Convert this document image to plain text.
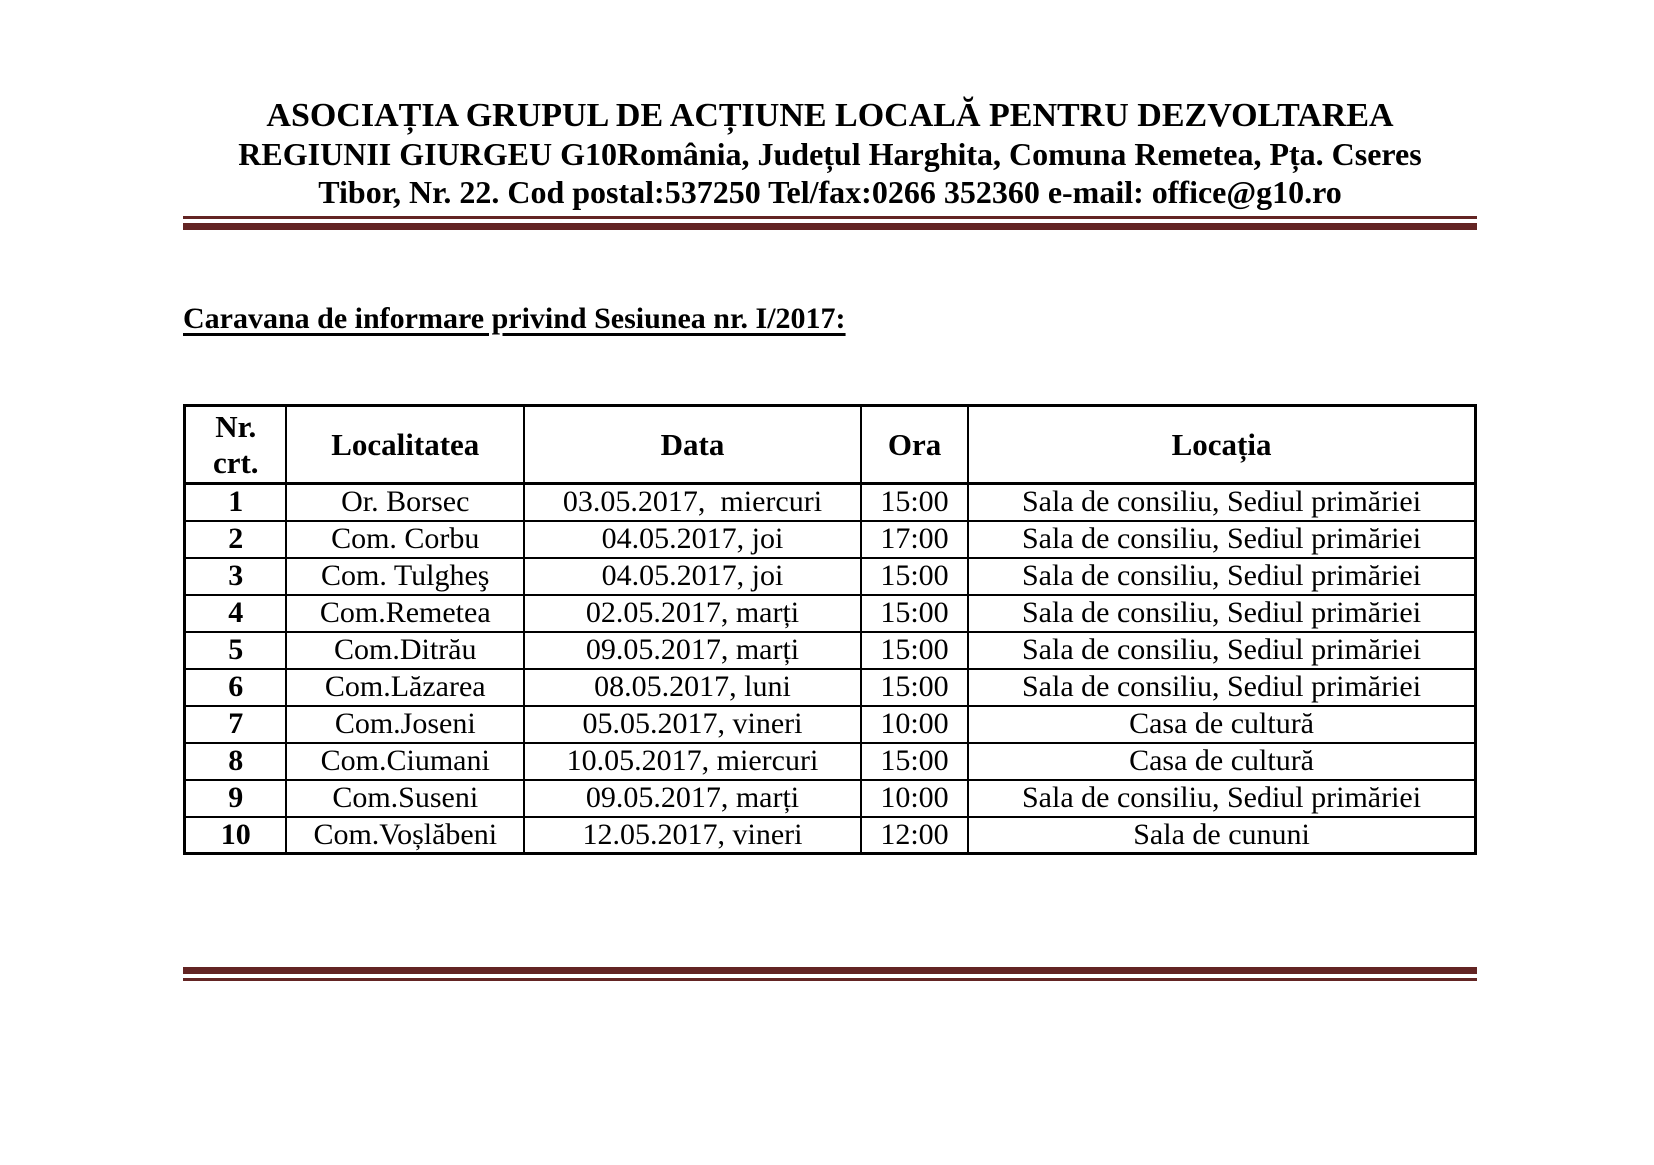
ASOCIAȚIA GRUPUL DE ACȚIUNE LOCALĂ PENTRU DEZVOLTAREA
REGIUNII GIURGEU G10România, Județul Harghita, Comuna Remetea, Pța. Cseres
Tibor, Nr. 22. Cod postal:537250 Tel/fax:0266 352360 e-mail: office@g10.ro
Caravana de informare privind Sesiunea nr. I/2017:
Nr. crt.	Localitatea	Data	Ora	Locația
1	Or. Borsec	03.05.2017,  miercuri	15:00	Sala de consiliu, Sediul primăriei
2	Com. Corbu	04.05.2017, joi	17:00	Sala de consiliu, Sediul primăriei
3	Com. Tulgheş	04.05.2017, joi	15:00	Sala de consiliu, Sediul primăriei
4	Com.Remetea	02.05.2017, marți	15:00	Sala de consiliu, Sediul primăriei
5	Com.Ditrău	09.05.2017, marți	15:00	Sala de consiliu, Sediul primăriei
6	Com.Lăzarea	08.05.2017, luni	15:00	Sala de consiliu, Sediul primăriei
7	Com.Joseni	05.05.2017, vineri	10:00	Casa de cultură
8	Com.Ciumani	10.05.2017, miercuri	15:00	Casa de cultură
9	Com.Suseni	09.05.2017, marți	10:00	Sala de consiliu, Sediul primăriei
10	Com.Voșlăbeni	12.05.2017, vineri	12:00	Sala de cununi
